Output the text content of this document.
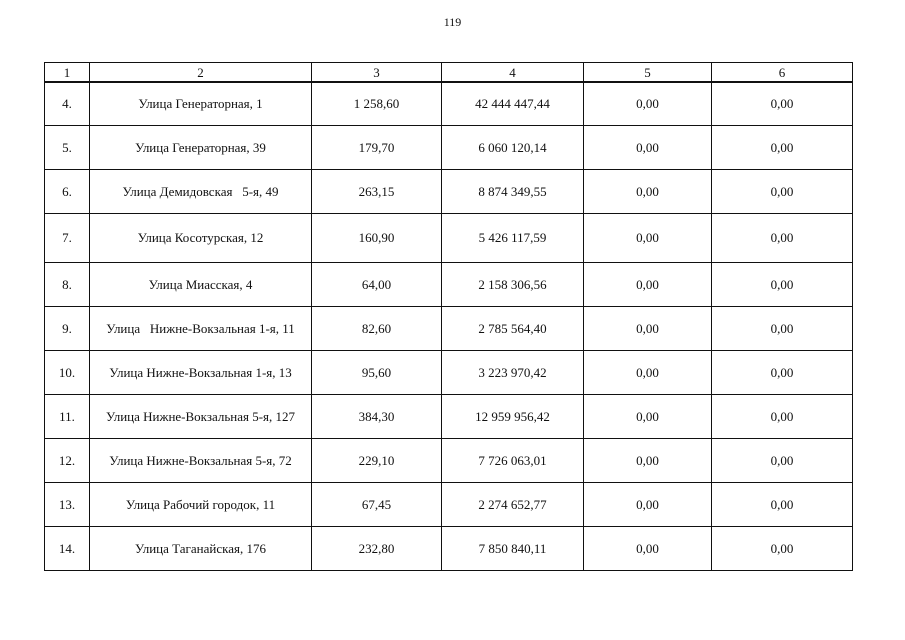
119
1	2	3	4	5	6
4.	Улица Генераторная, 1	1 258,60	42 444 447,44	0,00	0,00
5.	Улица Генераторная, 39	179,70	6 060 120,14	0,00	0,00
6.	Улица Демидовская   5-я, 49	263,15	8 874 349,55	0,00	0,00
7.	Улица Косотурская, 12	160,90	5 426 117,59	0,00	0,00
8.	Улица Миасская, 4	64,00	2 158 306,56	0,00	0,00
9.	Улица   Нижне-Вокзальная 1-я, 11	82,60	2 785 564,40	0,00	0,00
10.	Улица Нижне-Вокзальная 1-я, 13	95,60	3 223 970,42	0,00	0,00
11.	Улица Нижне-Вокзальная 5-я, 127	384,30	12 959 956,42	0,00	0,00
12.	Улица Нижне-Вокзальная 5-я, 72	229,10	7 726 063,01	0,00	0,00
13.	Улица Рабочий городок, 11	67,45	2 274 652,77	0,00	0,00
14.	Улица Таганайская, 176	232,80	7 850 840,11	0,00	0,00
